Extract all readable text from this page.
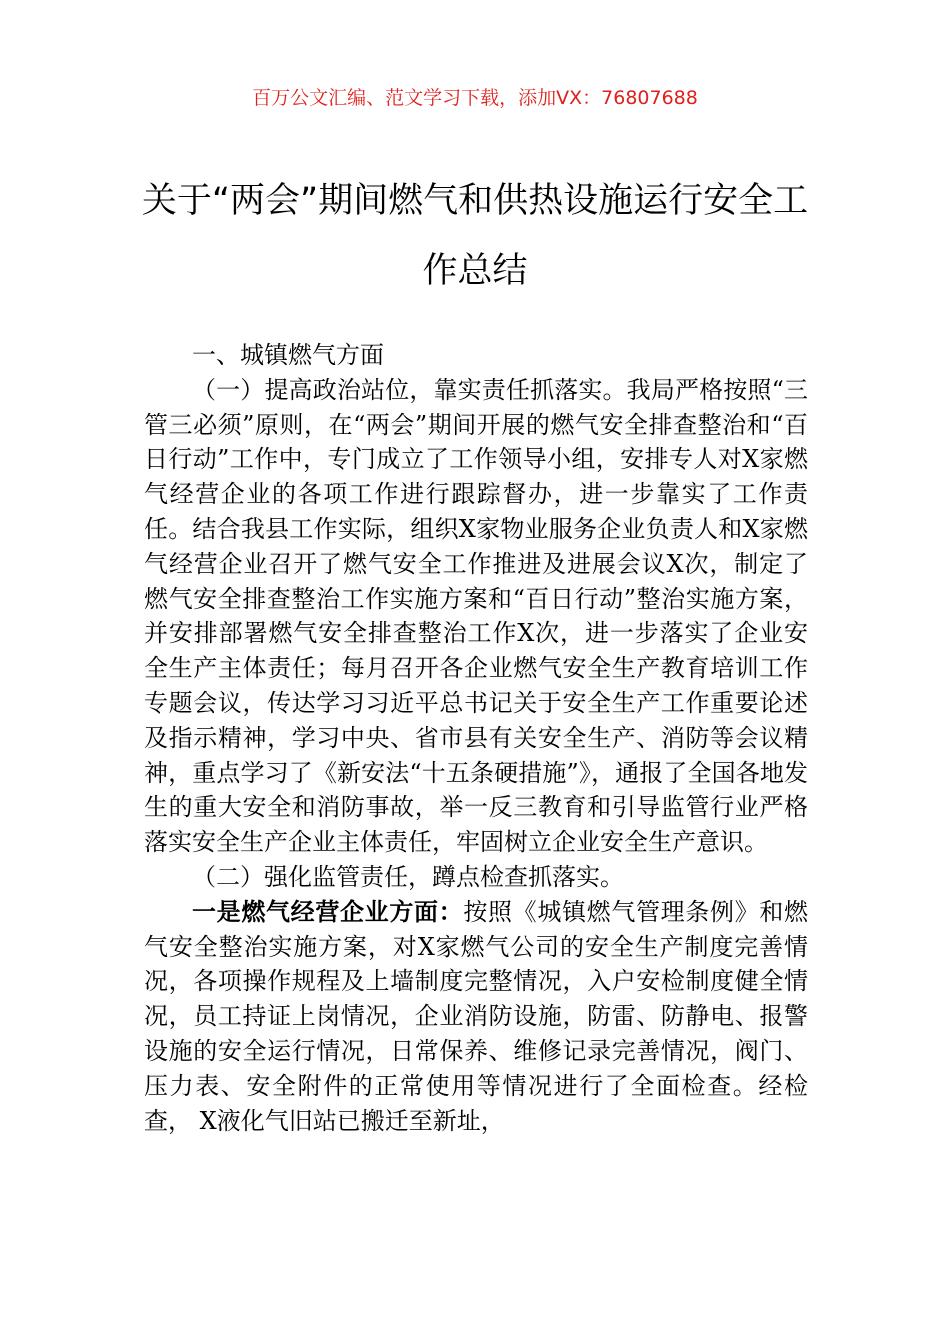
百万公文汇编、范文学习下载，添加VX：76807688
关于“两会”期间燃气和供热设施运行安全工作总结

一、城镇燃气方面

（一）提高政治站位，靠实责任抓落实。我局严格按照“三管三必须”原则，在“两会”期间开展的燃气安全排查整治和“百日行动”工作中，专门成立了工作领导小组，安排专人对X家燃气经营企业的各项工作进行跟踪督办，进一步靠实了工作责任。结合我县工作实际，组织X家物业服务企业负责人和X家燃气经营企业召开了燃气安全工作推进及进展会议X次，制定了燃气安全排查整治工作实施方案和“百日行动”整治实施方案，并安排部署燃气安全排查整治工作X次，进一步落实了企业安全生产主体责任；每月召开各企业燃气安全生产教育培训工作专题会议，传达学习习近平总书记关于安全生产工作重要论述及指示精神，学习中央、省市县有关安全生产、消防等会议精神，重点学习了《新安法“十五条硬措施”》，通报了全国各地发生的重大安全和消防事故，举一反三教育和引导监管行业严格落实安全生产企业主体责任，牢固树立企业安全生产意识。

（二）强化监管责任，蹲点检查抓落实。

一是燃气经营企业方面：按照《城镇燃气管理条例》和燃气安全整治实施方案，对X家燃气公司的安全生产制度完善情况，各项操作规程及上墙制度完整情况，入户安检制度健全情况，员工持证上岗情况，企业消防设施，防雷、防静电、报警设施的安全运行情况，日常保养、维修记录完善情况，阀门、压力表、安全附件的正常使用等情况进行了全面检查。经检查， X液化气旧站已搬迁至新址，
